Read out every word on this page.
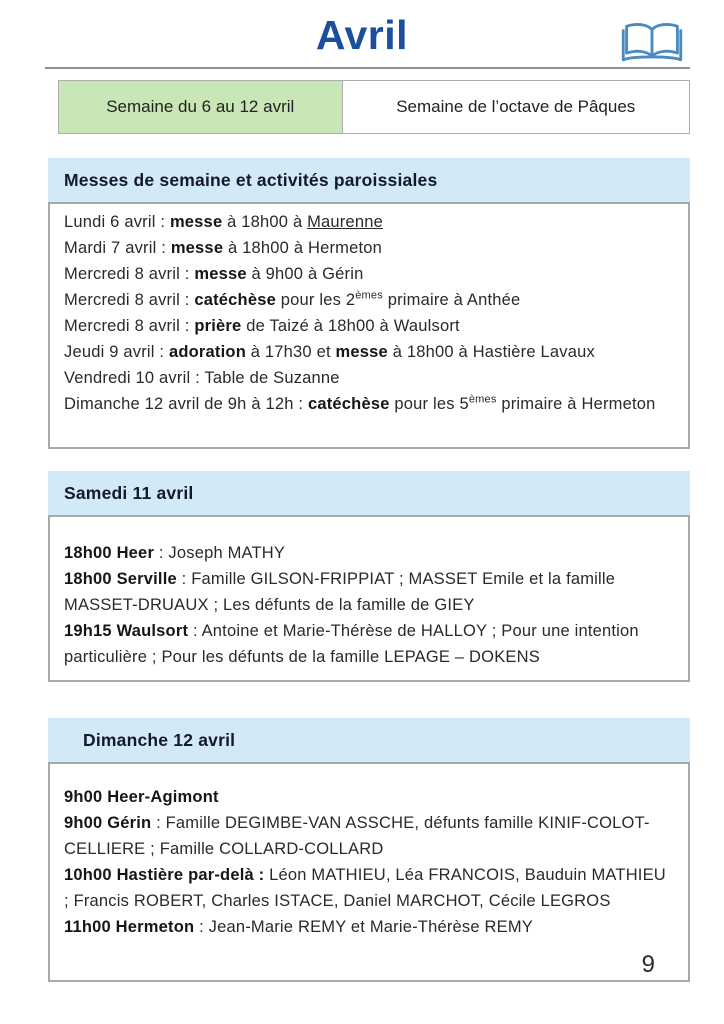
Avril
Semaine du 6 au 12 avril	Semaine de l’octave de Pâques
Messes de semaine et activités paroissiales
Lundi 6 avril : messe à 18h00 à Maurenne
Mardi 7 avril : messe à 18h00 à Hermeton
Mercredi 8 avril : messe à 9h00 à Gérin
Mercredi 8 avril : catéchèse pour les 2èmes primaire à Anthée
Mercredi 8 avril : prière de Taizé à 18h00 à Waulsort
Jeudi 9 avril : adoration à 17h30 et messe à 18h00 à Hastière Lavaux
Vendredi 10 avril : Table de Suzanne
Dimanche 12 avril de 9h à 12h : catéchèse pour les 5èmes primaire à Hermeton
Samedi 11 avril
18h00 Heer : Joseph MATHY
18h00 Serville : Famille GILSON-FRIPPIAT ; MASSET Emile et la famille MASSET-DRUAUX ; Les défunts de la famille de GIEY
19h15 Waulsort : Antoine et Marie-Thérèse de HALLOY ; Pour une intention particulière ; Pour les défunts de la famille LEPAGE – DOKENS
Dimanche 12 avril
9h00 Heer-Agimont
9h00 Gérin : Famille DEGIMBE-VAN ASSCHE, défunts famille KINIF-COLOT-CELLIERE ; Famille COLLARD-COLLARD
10h00 Hastière par-delà : Léon MATHIEU, Léa FRANCOIS, Bauduin MATHIEU ; Francis ROBERT, Charles ISTACE, Daniel MARCHOT, Cécile LEGROS
11h00 Hermeton : Jean-Marie REMY et Marie-Thérèse REMY
9
